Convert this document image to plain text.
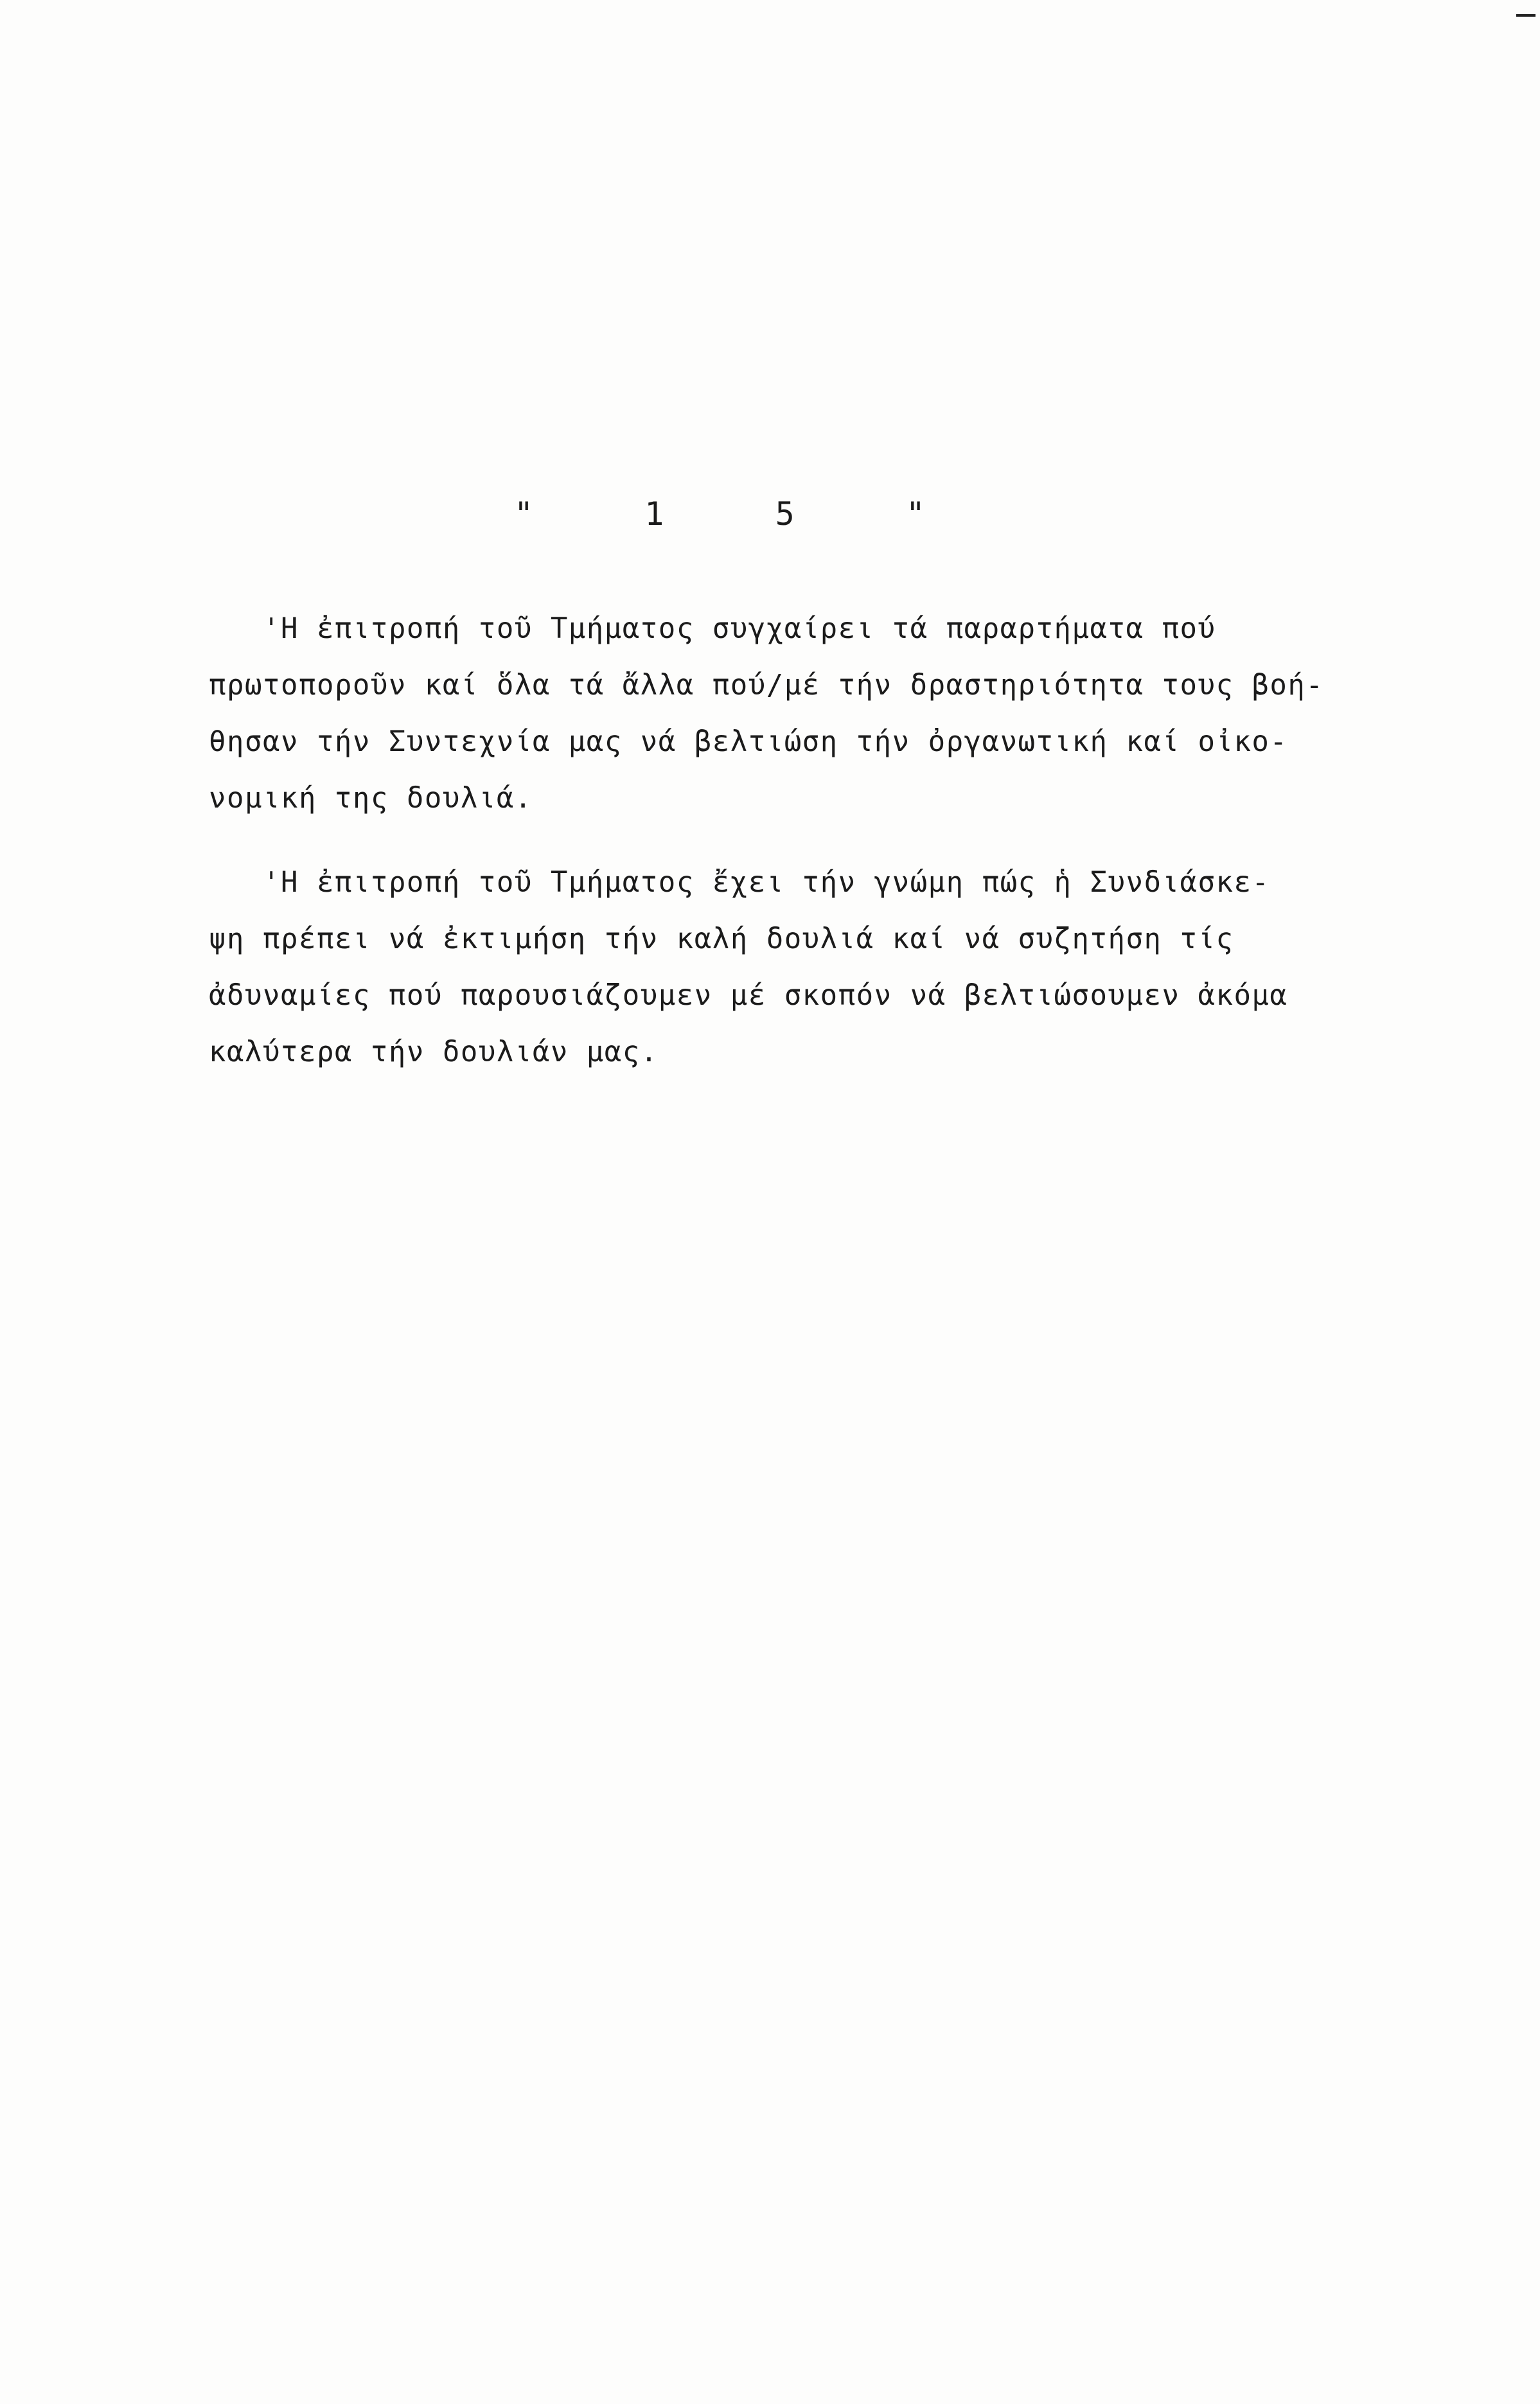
"	1	5	"
'Η ἐπιτροπή τοῦ Τμήματος συγχαίρει τά παραρτήματα πού
πρωτοποροῦν καί ὅλα τά ἄλλα πού/μέ τήν δραστηριότητα τους βοή-
θησαν τήν Συντεχνία μας νά βελτιώση τήν ὀργανωτική καί οἰκο-
νομική της δουλιά.
'Η ἐπιτροπή τοῦ Τμήματος ἔχει τήν γνώμη πώς ἡ Συνδιάσκε-
ψη πρέπει νά ἐκτιμήση τήν καλή δουλιά καί νά συζητήση τίς
ἀδυναμίες πού παρουσιάζουμεν μέ σκοπόν νά βελτιώσουμεν ἀκόμα
καλύτερα τήν δουλιάν μας.
